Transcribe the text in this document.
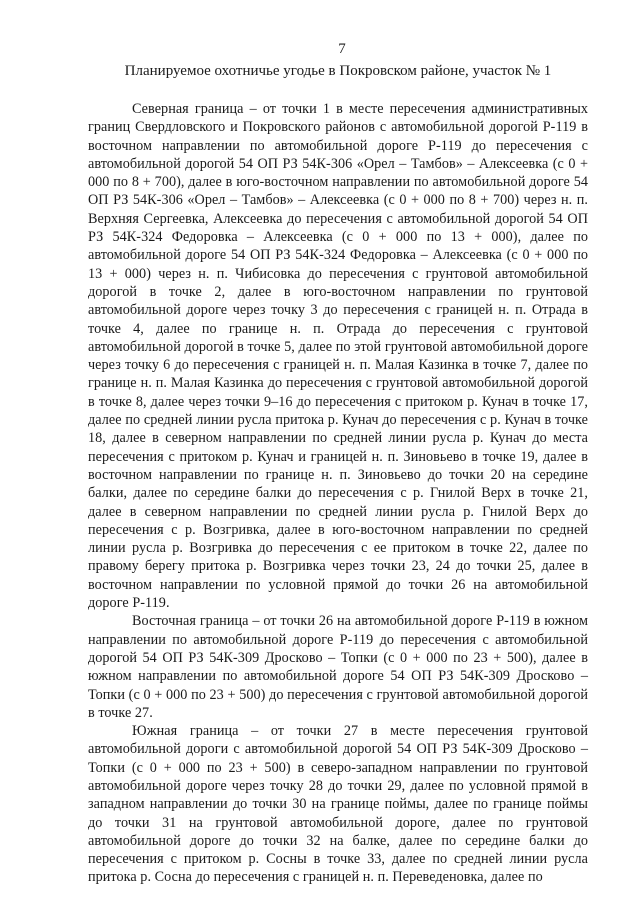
7
Планируемое охотничье угодье в Покровском районе, участок № 1

Северная граница – от точки 1 в месте пересечения административных границ Свердловского и Покровского районов с автомобильной дорогой Р-119 в восточном направлении по автомобильной дороге Р-119 до пересечения с автомобильной дорогой 54 ОП РЗ 54К-306 «Орел – Тамбов» – Алексеевка (с 0 + 000 по 8 + 700), далее в юго-восточном направлении по автомобильной дороге 54 ОП РЗ 54К-306 «Орел – Тамбов» – Алексеевка (с 0 + 000 по 8 + 700) через н. п. Верхняя Сергеевка, Алексеевка до пересечения с автомобильной дорогой 54 ОП РЗ 54К-324 Федоровка – Алексеевка (с 0 + 000 по 13 + 000), далее по автомобильной дороге 54 ОП РЗ 54К-324 Федоровка – Алексеевка (с 0 + 000 по 13 + 000) через н. п. Чибисовка до пересечения с грунтовой автомобильной дорогой в точке 2, далее в юго-восточном направлении по грунтовой автомобильной дороге через точку 3 до пересечения с границей н. п. Отрада в точке 4, далее по границе н. п. Отрада до пересечения с грунтовой автомобильной дорогой в точке 5, далее по этой грунтовой автомобильной дороге через точку 6 до пересечения с границей н. п. Малая Казинка в точке 7, далее по границе н. п. Малая Казинка до пересечения с грунтовой автомобильной дорогой в точке 8, далее через точки 9–16 до пересечения с притоком р. Кунач в точке 17, далее по средней линии русла притока р. Кунач до пересечения с р. Кунач в точке 18, далее в северном направлении по средней линии русла р. Кунач до места пересечения с притоком р. Кунач и границей н. п. Зиновьево в точке 19, далее в восточном направлении по границе н. п. Зиновьево до точки 20 на середине балки, далее по середине балки до пересечения с р. Гнилой Верх в точке 21, далее в северном направлении по средней линии русла р. Гнилой Верх до пересечения с р. Возгривка, далее в юго-восточном направлении по средней линии русла р. Возгривка до пересечения с ее притоком в точке 22, далее по правому берегу притока р. Возгривка через точки 23, 24 до точки 25, далее в восточном направлении по условной прямой до точки 26 на автомобильной дороге Р-119.

Восточная граница – от точки 26 на автомобильной дороге Р-119 в южном направлении по автомобильной дороге Р-119 до пересечения с автомобильной дорогой 54 ОП РЗ 54К-309 Дросково – Топки (с 0 + 000 по 23 + 500), далее в южном направлении по автомобильной дороге 54 ОП РЗ 54К-309 Дросково – Топки (с 0 + 000 по 23 + 500) до пересечения с грунтовой автомобильной дорогой в точке 27.

Южная граница – от точки 27 в месте пересечения грунтовой автомобильной дороги с автомобильной дорогой 54 ОП РЗ 54К-309 Дросково – Топки (с 0 + 000 по 23 + 500) в северо-западном направлении по грунтовой автомобильной дороге через точку 28 до точки 29, далее по условной прямой в западном направлении до точки 30 на границе поймы, далее по границе поймы до точки 31 на грунтовой автомобильной дороге, далее по грунтовой автомобильной дороге до точки 32 на балке, далее по середине балки до пересечения с притоком р. Сосны в точке 33, далее по средней линии русла притока р. Сосна до пересечения с границей н. п. Переведеновка, далее по
